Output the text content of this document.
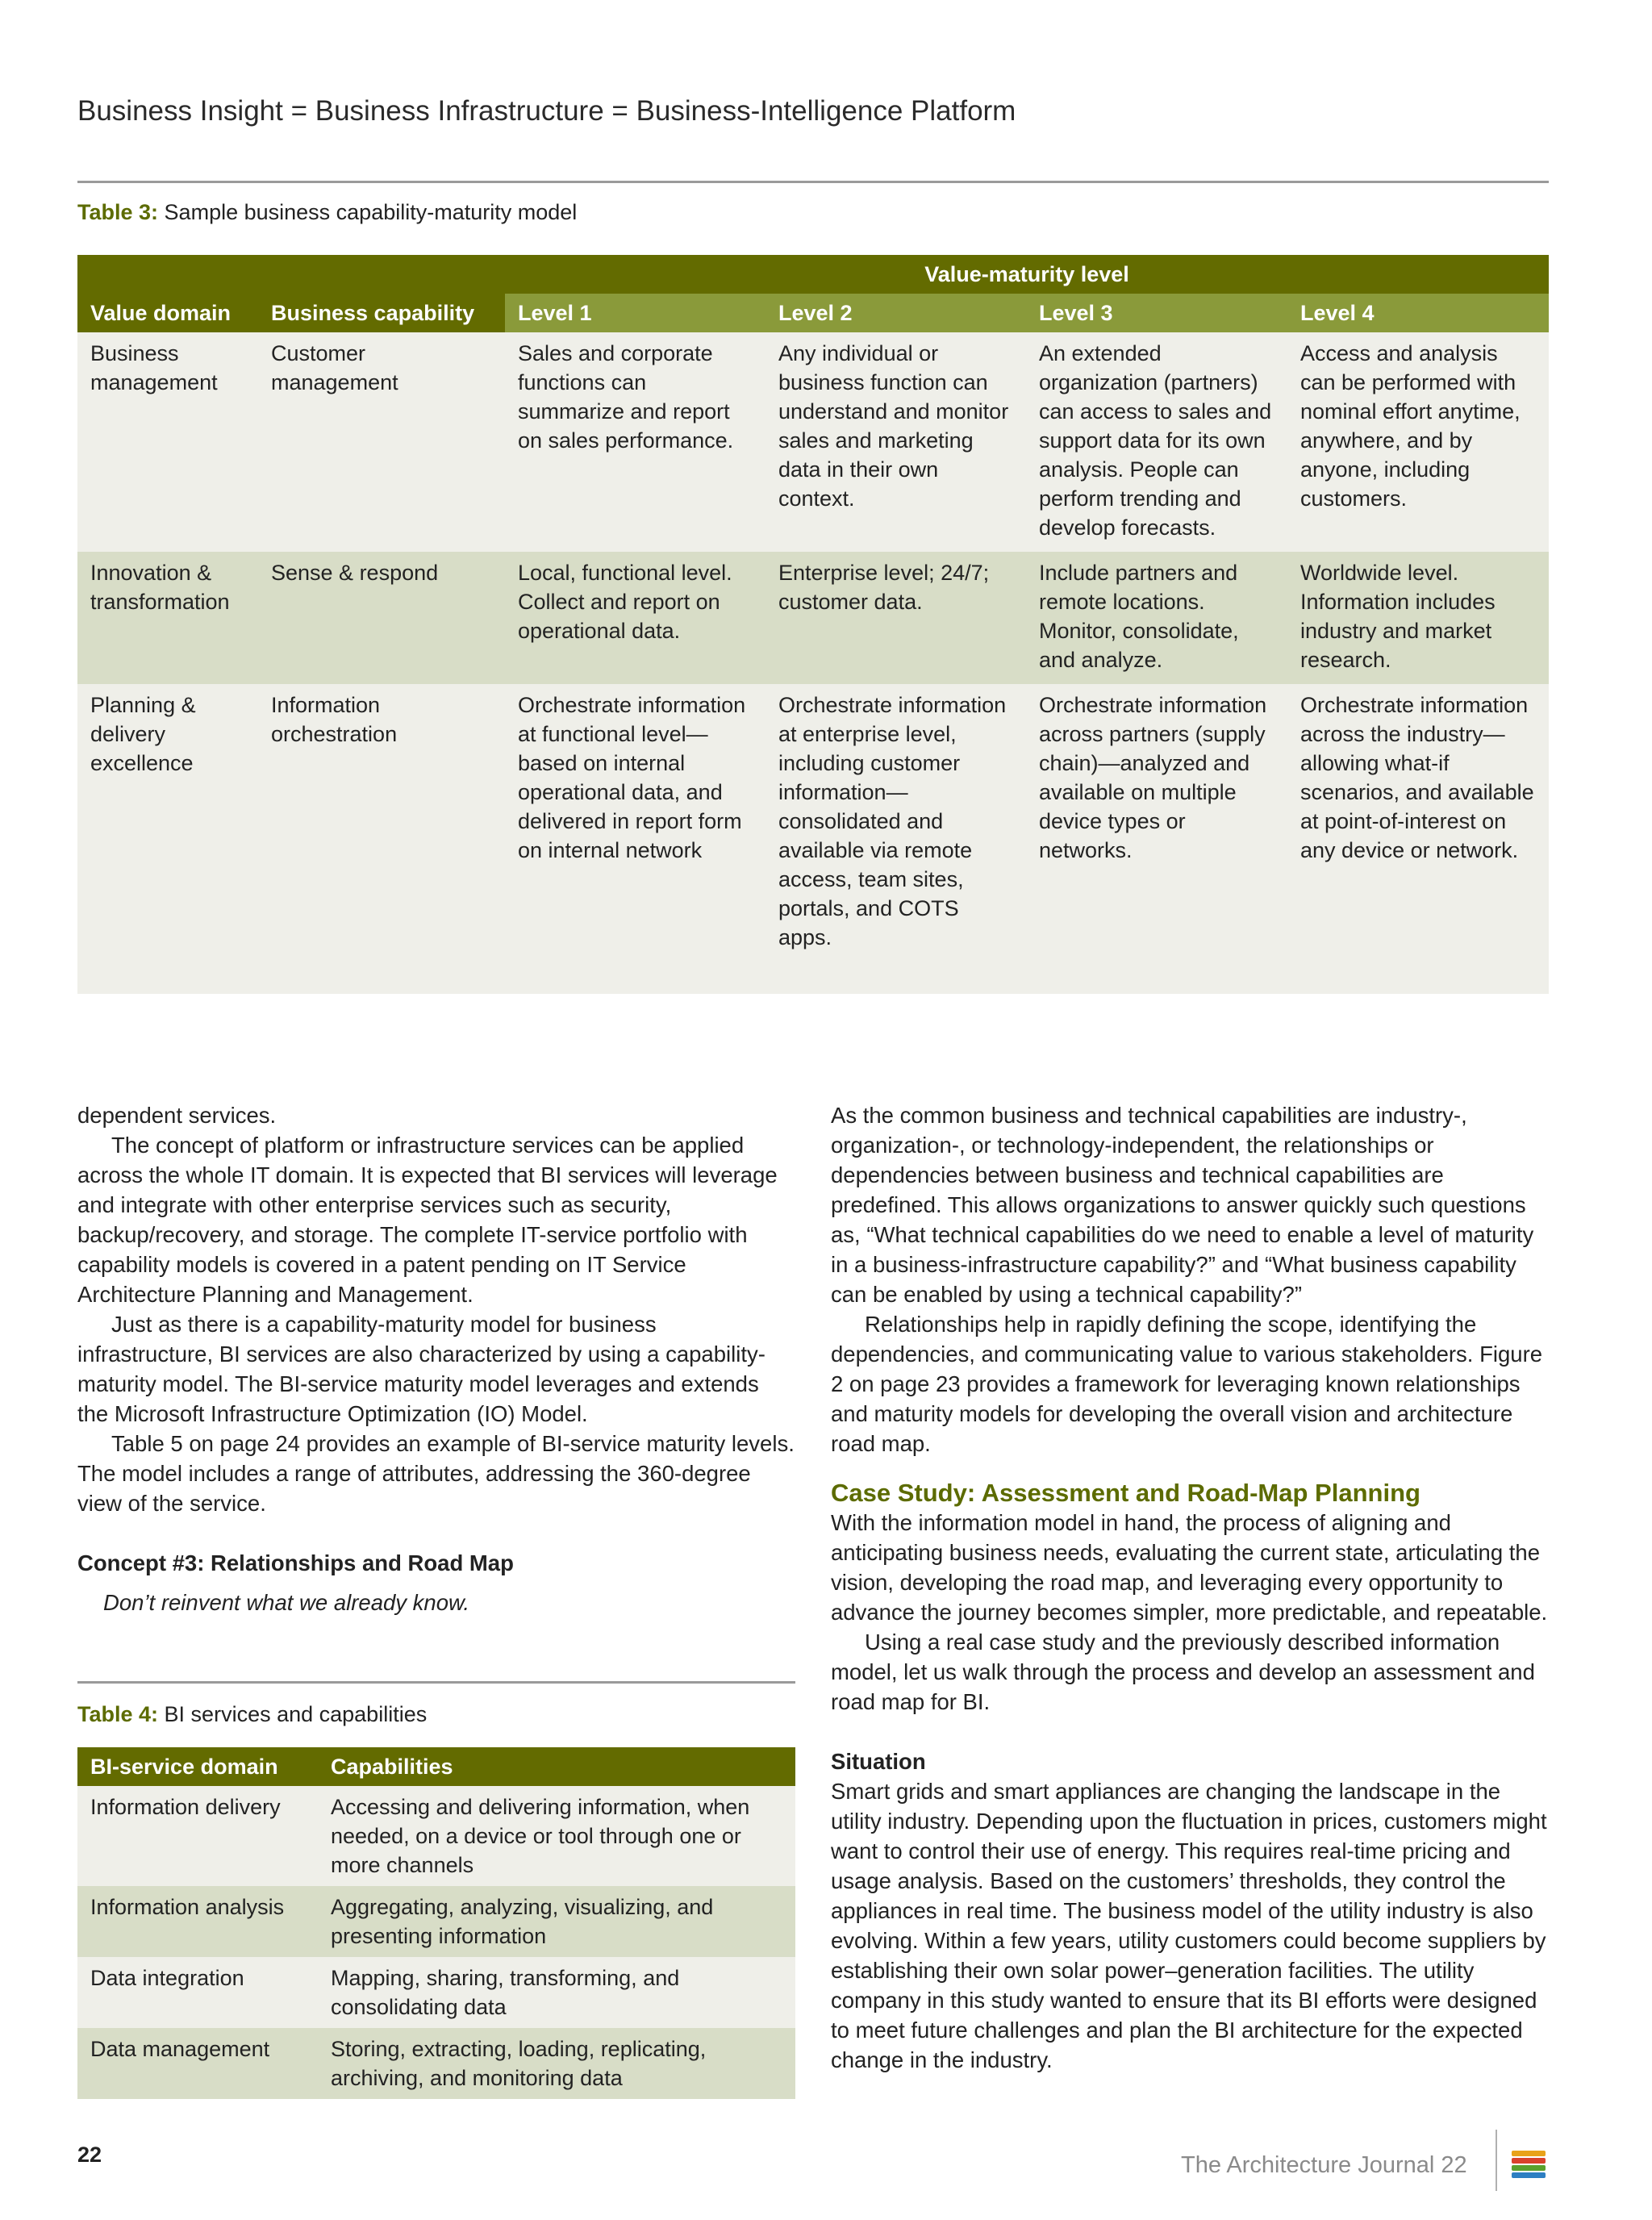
Business Insight = Business Infrastructure = Business-Intelligence Platform
Table 3: Sample business capability-maturity model
		Value-maturity level			
Value domain	Business capability	Level 1	Level 2	Level 3	Level 4
Business management	Customer management	Sales and corporate functions can summarize and report on sales performance.	Any individual or business function can understand and monitor sales and marketing data in their own context.	An extended organization (partners) can access to sales and support data for its own analysis. People can perform trending and develop forecasts.	Access and analysis can be performed with nominal effort anytime, anywhere, and by anyone, including customers.
Innovation & transformation	Sense & respond	Local, functional level. Collect and report on operational data.	Enterprise level; 24/7; customer data.	Include partners and remote locations. Monitor, consolidate, and analyze.	Worldwide level. Information includes industry and market research.
Planning & delivery excellence	Information orchestration	Orchestrate information at functional level—based on internal operational data, and delivered in report form on internal network	Orchestrate information at enterprise level, including customer information—consolidated and available via remote access, team sites, portals, and COTS apps.	Orchestrate information across partners (supply chain)—analyzed and available on multiple device types or networks.	Orchestrate information across the industry—allowing what-if scenarios, and available at point-of-interest on any device or network.

dependent services.

The concept of platform or infrastructure services can be applied across the whole IT domain. It is expected that BI services will leverage and integrate with other enterprise services such as security, backup/recovery, and storage. The complete IT-service portfolio with capability models is covered in a patent pending on IT Service Architecture Planning and Management.

Just as there is a capability-maturity model for business infrastructure, BI services are also characterized by using a capability-maturity model. The BI-service maturity model leverages and extends the Microsoft Infrastructure Optimization (IO) Model.

Table 5 on page 24 provides an example of BI-service maturity levels. The model includes a range of attributes, addressing the 360-degree view of the service.

Concept #3: Relationships and Road Map

Don’t reinvent what we already know.

Table 4: BI services and capabilities
BI-service domain	Capabilities
Information delivery	Accessing and delivering information, when needed, on a device or tool through one or more channels
Information analysis	Aggregating, analyzing, visualizing, and presenting information
Data integration	Mapping, sharing, transforming, and consolidating data
Data management	Storing, extracting, loading, replicating, archiving, and monitoring data

As the common business and technical capabilities are industry-, organization-, or technology-independent, the relationships or dependencies between business and technical capabilities are predefined. This allows organizations to answer quickly such questions as, “What technical capabilities do we need to enable a level of maturity in a business-infrastructure capability?” and “What business capability can be enabled by using a technical capability?”

Relationships help in rapidly defining the scope, identifying the dependencies, and communicating value to various stakeholders. Figure 2 on page 23 provides a framework for leveraging known relationships and maturity models for developing the overall vision and architecture road map.

Case Study: Assessment and Road-Map Planning

With the information model in hand, the process of aligning and anticipating business needs, evaluating the current state, articulating the vision, developing the road map, and leveraging every opportunity to advance the journey becomes simpler, more predictable, and repeatable.

Using a real case study and the previously described information model, let us walk through the process and develop an assessment and road map for BI.

Situation

Smart grids and smart appliances are changing the landscape in the utility industry. Depending upon the fluctuation in prices, customers might want to control their use of energy. This requires real-time pricing and usage analysis. Based on the customers’ thresholds, they control the appliances in real time. The business model of the utility industry is also evolving. Within a few years, utility customers could become suppliers by establishing their own solar power–generation facilities. The utility company in this study wanted to ensure that its BI efforts were designed to meet future challenges and plan the BI architecture for the expected change in the industry.

22	The Architecture Journal 22
